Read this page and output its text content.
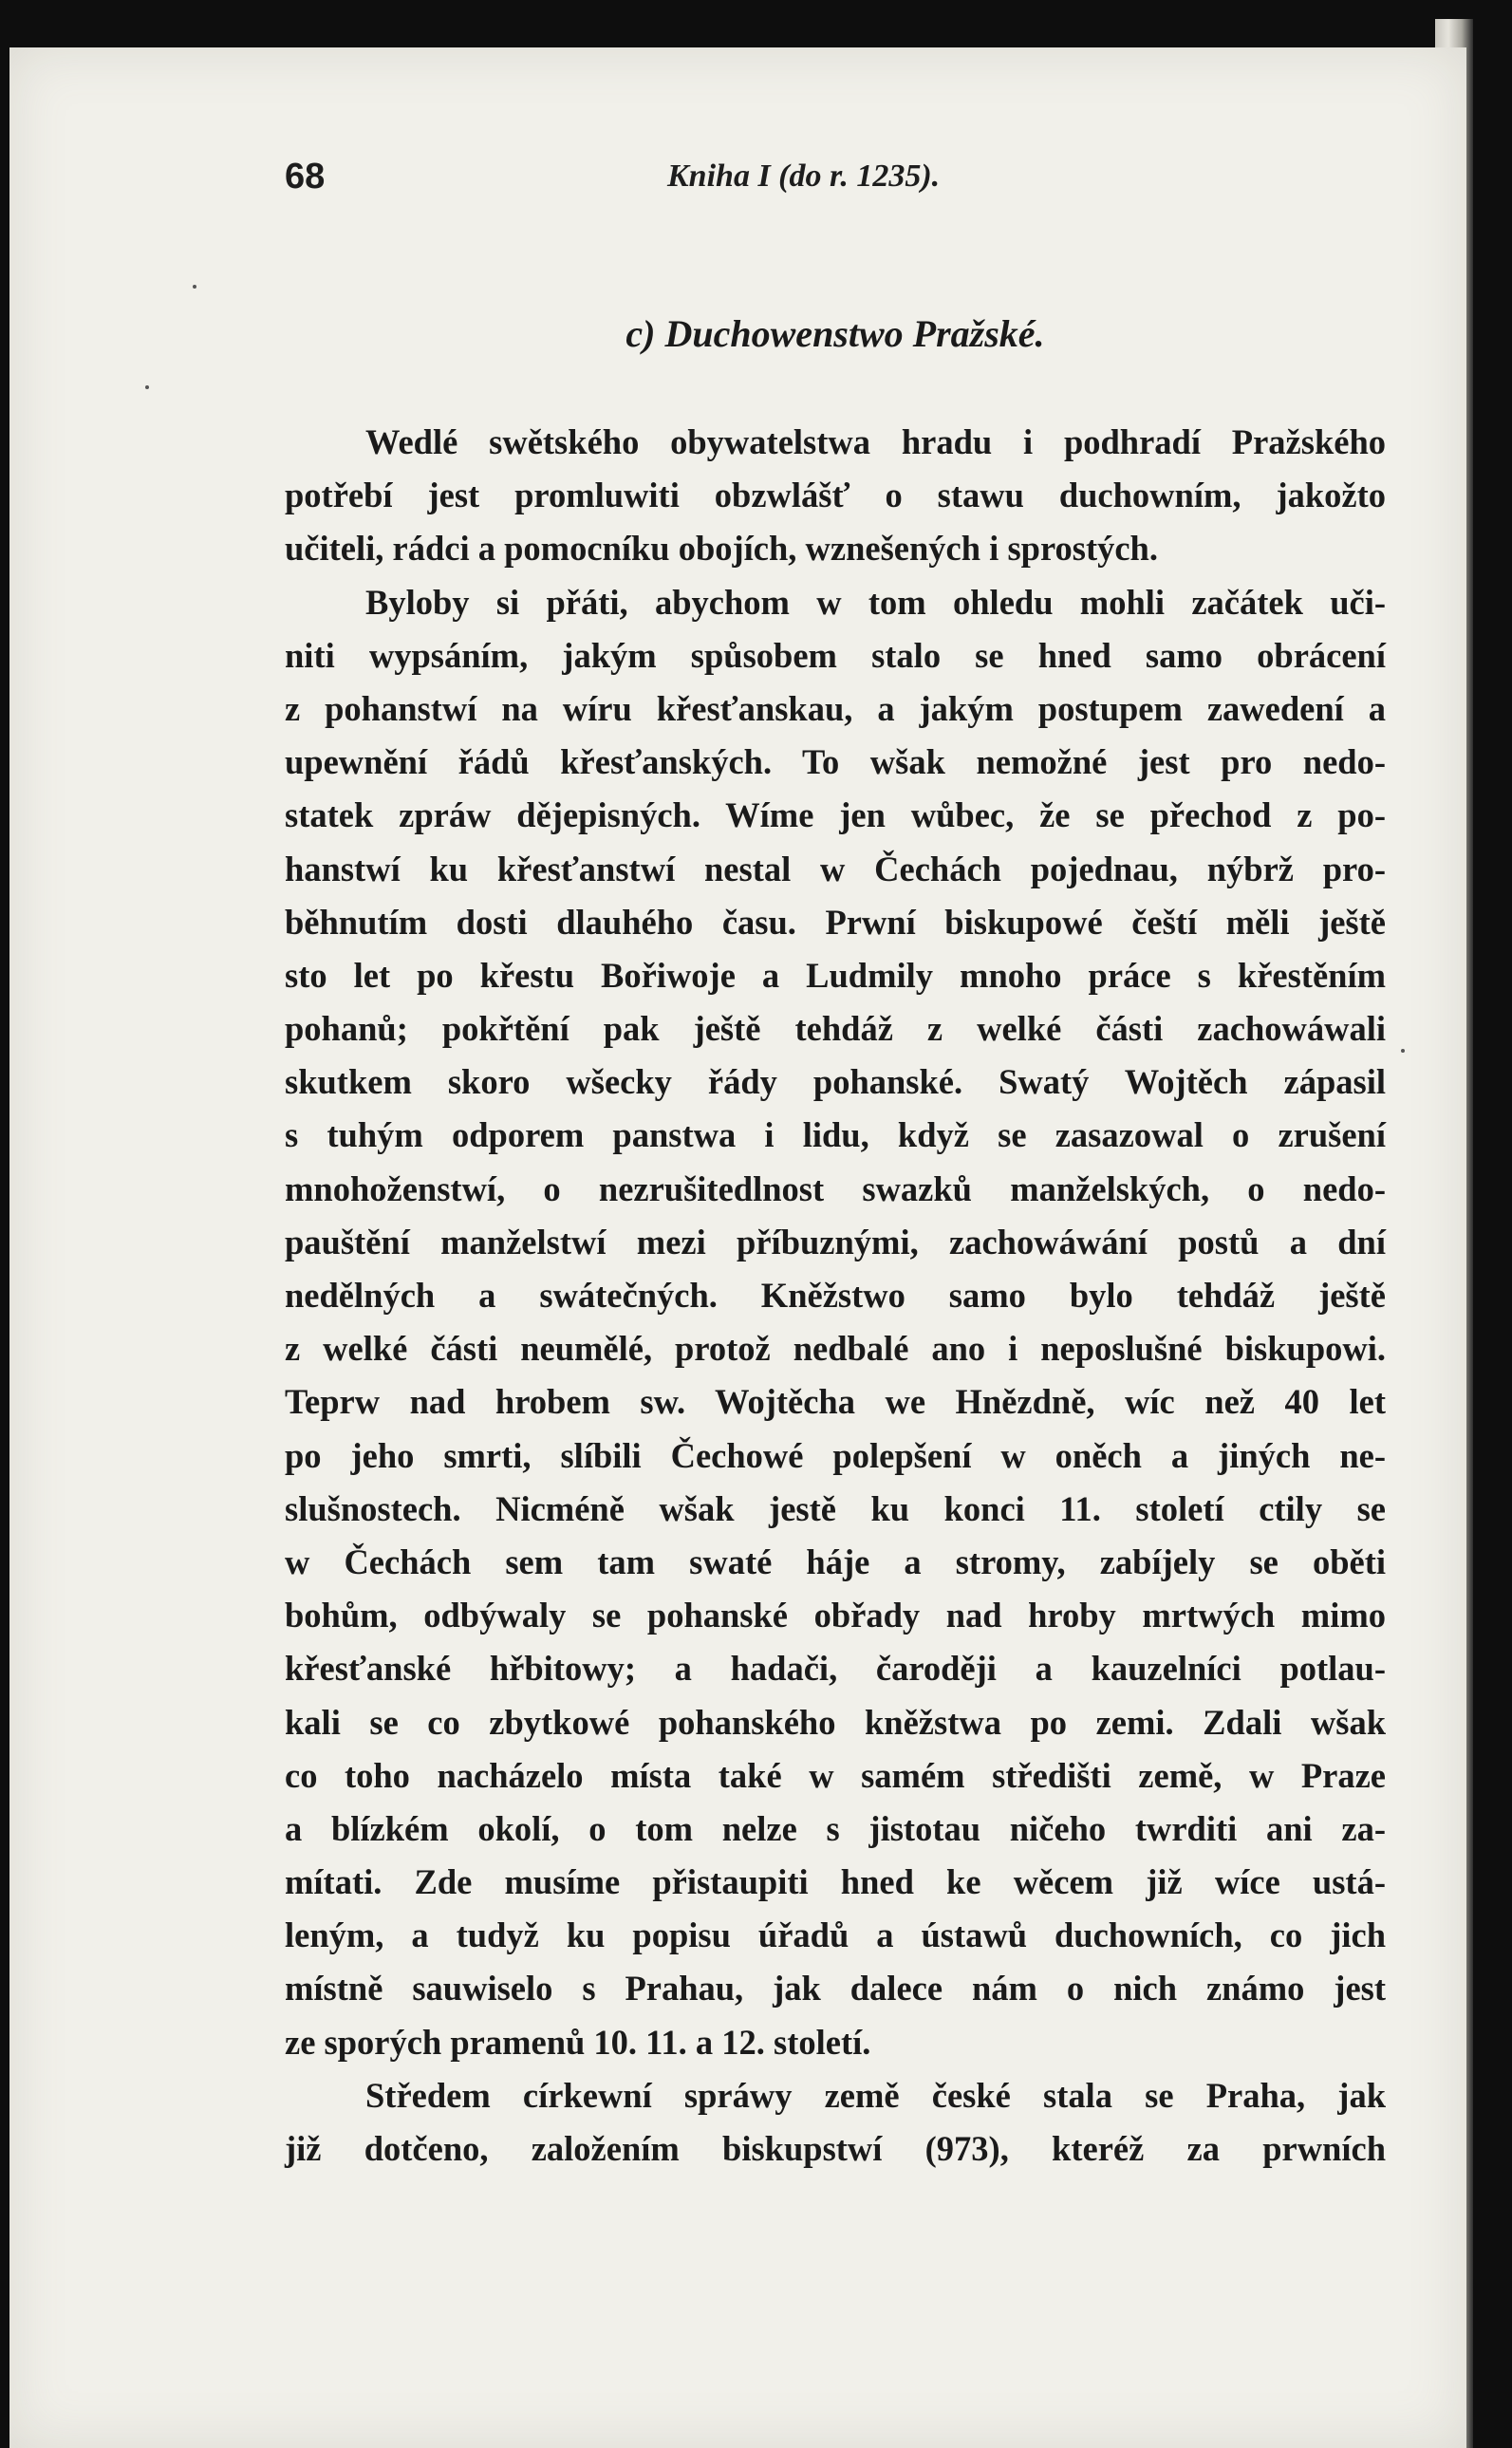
68	Kniha I (do r. 1235).
c) Duchowenstwo Pražské.

Wedlé swětského obywatelstwa hradu i podhradí Pražského
potřebí jest promluwiti obzwlášť o stawu duchowním, jakožto
učiteli, rádci a pomocníku obojích, wznešených i sprostých.

Byloby si přáti, abychom w tom ohledu mohli začátek uči-
niti wypsáním, jakým spůsobem stalo se hned samo obrácení
z pohanstwí na wíru křesťanskau, a jakým postupem zawedení a
upewnění řádů křesťanských. To wšak nemožné jest pro nedo-
statek zpráw dějepisných. Wíme jen wůbec, že se přechod z po-
hanstwí ku křesťanstwí nestal w Čechách pojednau, nýbrž pro-
běhnutím dosti dlauhého času. Prwní biskupowé čeští měli ještě
sto let po křestu Bořiwoje a Ludmily mnoho práce s křestěním
pohanů; pokřtění pak ještě tehdáž z welké části zachowáwali
skutkem skoro wšecky řády pohanské. Swatý Wojtěch zápasil
s tuhým odporem panstwa i lidu, když se zasazowal o zrušení
mnohoženstwí, o nezrušitedlnost swazků manželských, o nedo-
pauštění manželstwí mezi příbuznými, zachowáwání postů a dní
nedělných a swátečných. Kněžstwo samo bylo tehdáž ještě
z welké části neumělé, protož nedbalé ano i neposlušné biskupowi.
Teprw nad hrobem sw. Wojtěcha we Hnězdně, wíc než 40 let
po jeho smrti, slíbili Čechowé polepšení w oněch a jiných ne-
slušnostech. Nicméně wšak jestě ku konci 11. století ctily se
w Čechách sem tam swaté háje a stromy, zabíjely se oběti
bohům, odbýwaly se pohanské obřady nad hroby mrtwých mimo
křesťanské hřbitowy; a hadači, čaroději a kauzelníci potlau-
kali se co zbytkowé pohanského kněžstwa po zemi. Zdali wšak
co toho nacházelo místa také w samém středišti země, w Praze
a blízkém okolí, o tom nelze s jistotau ničeho twrditi ani za-
mítati. Zde musíme přistaupiti hned ke wěcem již wíce ustá-
leným, a tudyž ku popisu úřadů a ústawů duchowních, co jich
místně sauwiselo s Prahau, jak dalece nám o nich známo jest
ze sporých pramenů 10. 11. a 12. století.

Středem církewní spráwy země české stala se Praha, jak
již dotčeno, založením biskupstwí (973), kteréž za prwních
